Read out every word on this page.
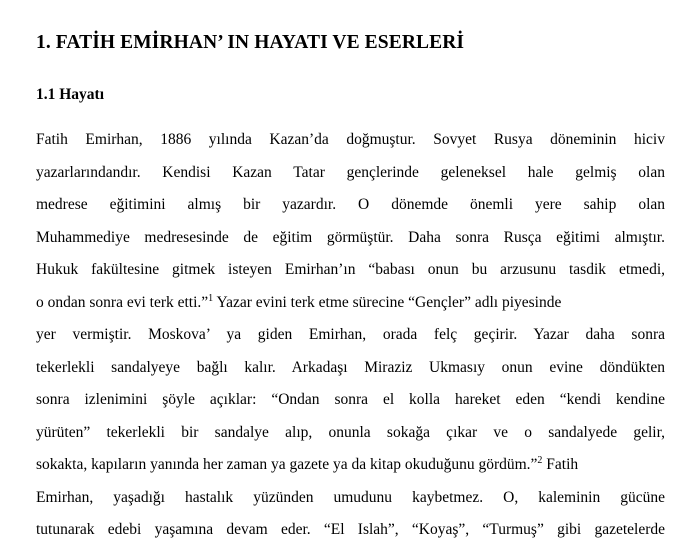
1. FATİH EMİRHAN’ IN HAYATI VE ESERLERİ
1.1 Hayatı
Fatih Emirhan, 1886 yılında Kazan’da doğmuştur. Sovyet Rusya döneminin hiciv
yazarlarındandır. Kendisi Kazan Tatar gençlerinde geleneksel hale gelmiş olan
medrese eğitimini almış bir yazardır. O dönemde önemli yere sahip olan
Muhammediye medresesinde de eğitim görmüştür. Daha sonra Rusça eğitimi almıştır.
Hukuk fakültesine gitmek isteyen Emirhan’ın “babası onun bu arzusunu tasdik etmedi,
o ondan sonra evi terk etti.”$^1$ Yazar evini terk etme sürecine “Gençler” adlı piyesinde
yer vermiştir. Moskova’ ya giden Emirhan, orada felç geçirir. Yazar daha sonra
tekerlekli sandalyeye bağlı kalır. Arkadaşı Miraziz Ukmasıy onun evine döndükten
sonra izlenimini şöyle açıklar: “Ondan sonra el kolla hareket eden “kendi kendine
yürüten” tekerlekli bir sandalye alıp, onunla sokağa çıkar ve o sandalyede gelir,
sokakta, kapıların yanında her zaman ya gazete ya da kitap okuduğunu gördüm.”$^2$ Fatih
Emirhan, yaşadığı hastalık yüzünden umudunu kaybetmez. O, kaleminin gücüne
tutunarak edebi yaşamına devam eder. “El Islah”, “Koyaş”, “Turmuş” gibi gazetelerde
